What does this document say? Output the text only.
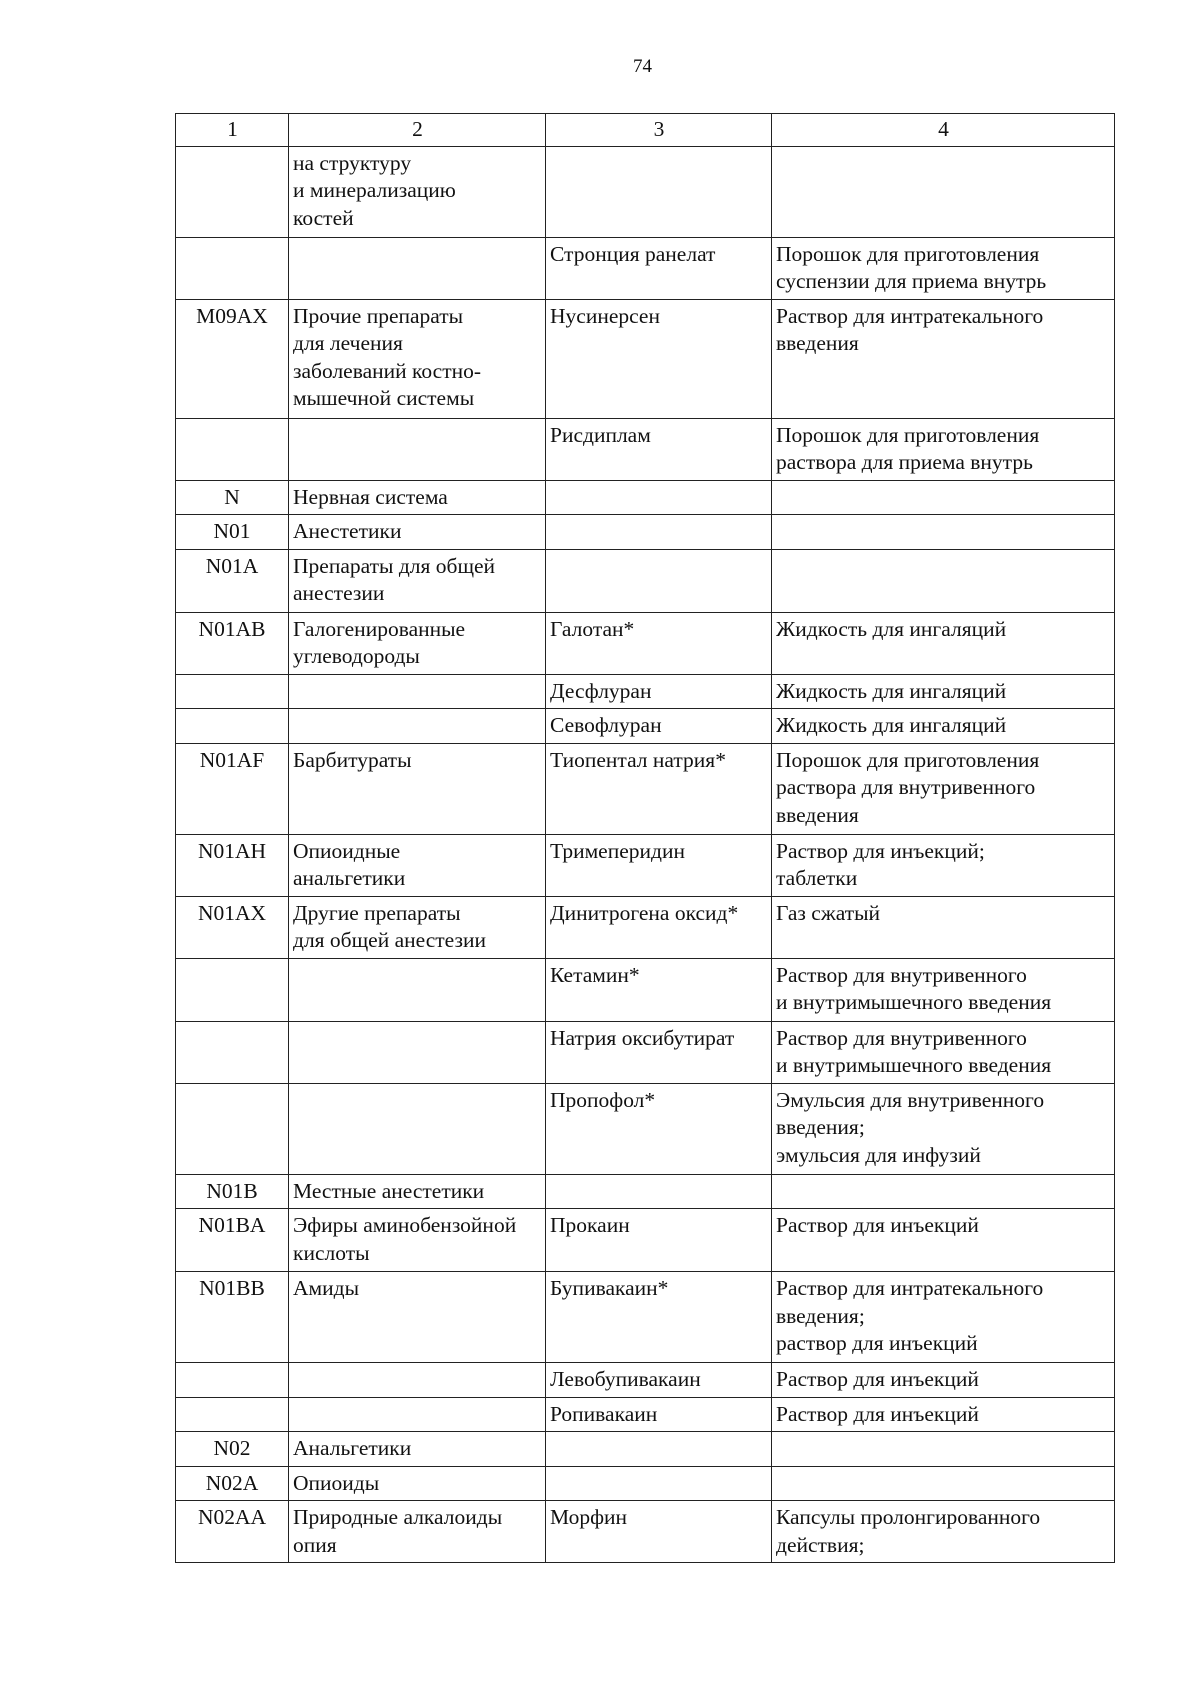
74
1	2	3	4
	на структуру
и минерализацию
костей		
		Стронция ранелат	Порошок для приготовления
суспензии для приема внутрь
M09AX	Прочие препараты
для лечения
заболеваний костно-
мышечной системы	Нусинерсен	Раствор для интратекального
введения
		Рисдиплам	Порошок для приготовления
раствора для приема внутрь
N	Нервная система		
N01	Анестетики		
N01A	Препараты для общей
анестезии		
N01AB	Галогенированные
углеводороды	Галотан*	Жидкость для ингаляций
		Десфлуран	Жидкость для ингаляций
		Севофлуран	Жидкость для ингаляций
N01AF	Барбитураты	Тиопентал натрия*	Порошок для приготовления
раствора для внутривенного
введения
N01AH	Опиоидные
анальгетики	Тримеперидин	Раствор для инъекций;
таблетки
N01AX	Другие препараты
для общей анестезии	Динитрогена оксид*	Газ сжатый
		Кетамин*	Раствор для внутривенного
и внутримышечного введения
		Натрия оксибутират	Раствор для внутривенного
и внутримышечного введения
		Пропофол*	Эмульсия для внутривенного
введения;
эмульсия для инфузий
N01B	Местные анестетики		
N01BA	Эфиры аминобензойной
кислоты	Прокаин	Раствор для инъекций
N01BB	Амиды	Бупивакаин*	Раствор для интратекального
введения;
раствор для инъекций
		Левобупивакаин	Раствор для инъекций
		Ропивакаин	Раствор для инъекций
N02	Анальгетики		
N02A	Опиоиды		
N02AA	Природные алкалоиды
опия	Морфин	Капсулы пролонгированного
действия;
